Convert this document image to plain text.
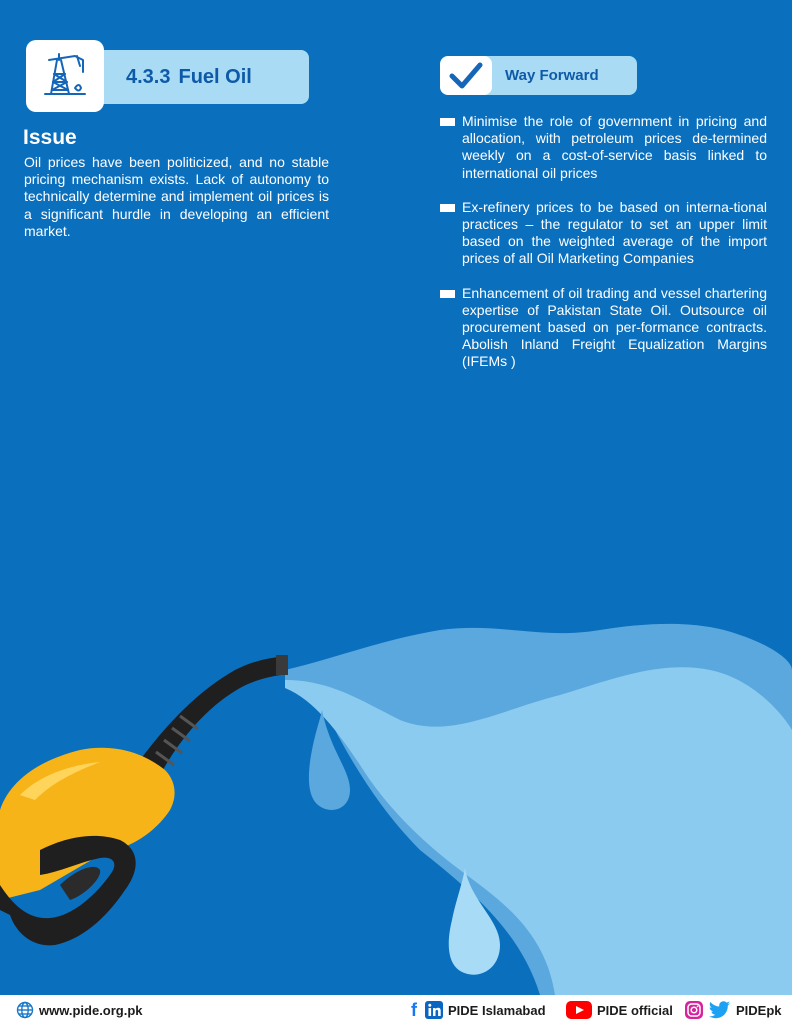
4.3.3 Fuel Oil
Issue
Oil prices have been politicized, and no stable pricing mechanism exists. Lack of autonomy to technically determine and implement oil prices is a significant hurdle in developing an efficient market.
Way Forward
Minimise the role of government in pricing and allocation, with petroleum prices de-termined weekly on a cost-of-service basis linked to international oil prices
Ex-refinery prices to be based on interna-tional practices – the regulator to set an upper limit based on the weighted average of the import prices of all Oil Marketing Companies
Enhancement of oil trading and vessel chartering expertise of Pakistan State Oil. Outsource oil procurement based on per-formance contracts. Abolish Inland Freight Equalization Margins (IFEMs )
www.pide.org.pk	f PIDE Islamabad	PIDE official	PIDEpk
